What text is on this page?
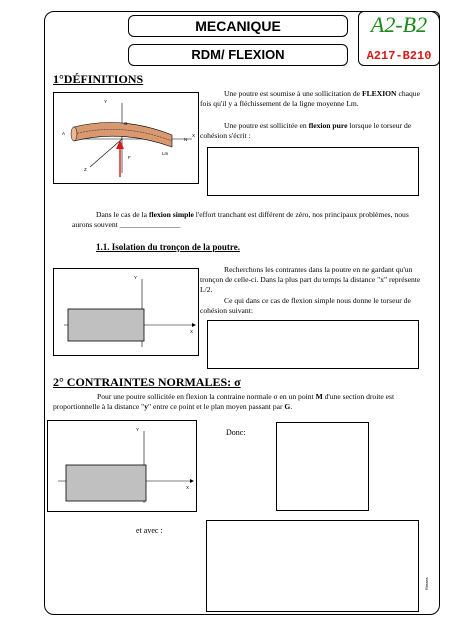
MECANIQUE
RDM/ FLEXION
A2-B2
A217-B210
1°DÉFINITIONS
Y
X
Z
A
G
N
Lm
F
Une poutre est soumise à une sollicitation de FLEXION chaque fois qu'il y a fléchissement de la ligne moyenne Lm.
Une poutre est sollicitée en flexion pure lorsque le torseur de cohésion s'écrit :
Dans le cas de la flexion simple l'effort tranchant est différent de zéro, nos principaux problèmes, nous aurons souvent ________________
1.1. Isolation du tronçon de la poutre.
Y
X
Recherchons les contrantes dans la poutre en ne gardant qu'un tronçon de celle-ci. Dans la plus part du temps la distance "x" représente L/2.
Ce qui dans ce cas de flexion simple nous donne le torseur de cohésion suivant:
2° CONTRAINTES NORMALES: σ
Pour une poutre sollicitée en flexion la contraine normale σ en un point M d'une section droite est proportionnelle à la distance "y" entre ce point et le plan moyen passant par G.
Y
X
Donc:
et avec :
Rmaes
